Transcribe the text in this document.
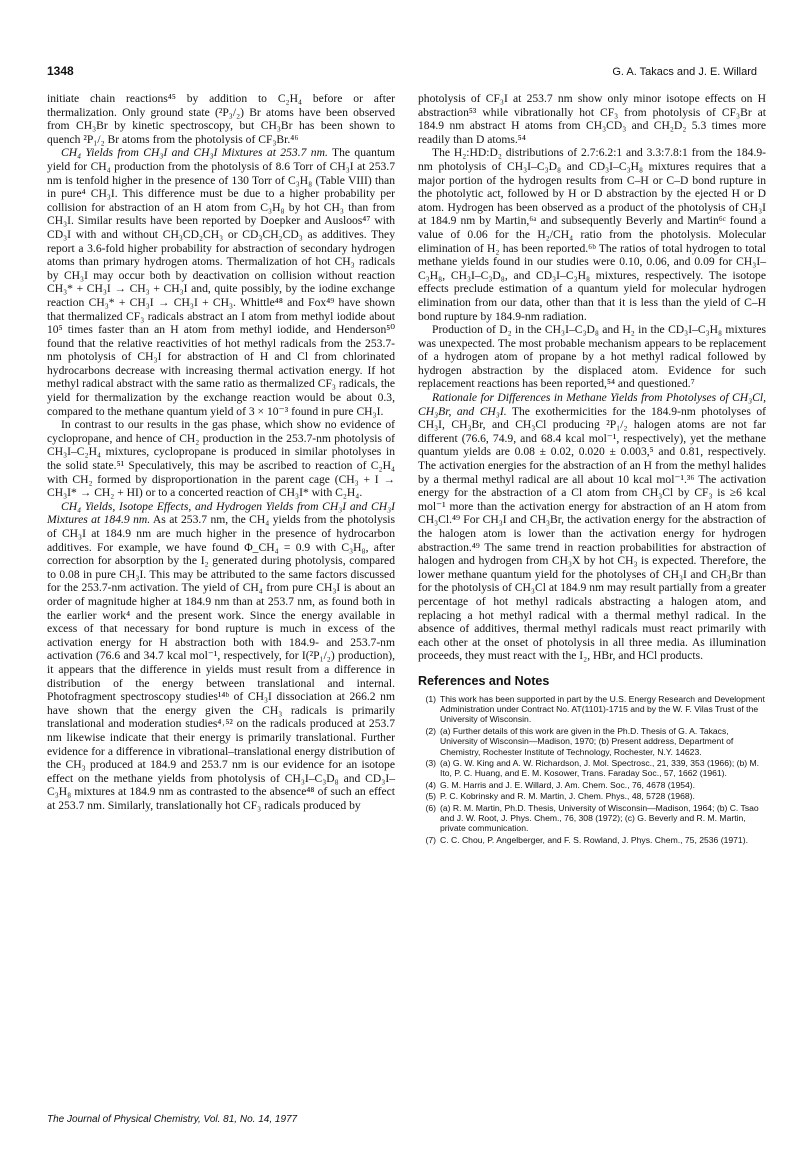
1348	G. A. Takacs and J. E. Willard

initiate chain reactions⁴⁵ by addition to C₂H₄ before or after thermalization. Only ground state (²P₃/₂) Br atoms have been observed from CH₃Br by kinetic spectroscopy, but CH₃Br has been shown to quench ²P₁/₂ Br atoms from the photolysis of CF₃Br.⁴⁶

CH₄ Yields from CH₃I and CH₃I Mixtures at 253.7 nm. The quantum yield for CH₄ production from the photolysis of 8.6 Torr of CH₃I at 253.7 nm is tenfold higher in the presence of 130 Torr of C₃H₈ (Table VIII) than in pure⁴ CH₃I. This difference must be due to a higher probability per collision for abstraction of an H atom from C₃H₈ by hot CH₃ than from CH₃I. Similar results have been reported by Doepker and Ausloos⁴⁷ with CD₃I with and without CH₃CD₂CH₃ or CD₃CH₂CD₃ as additives. They report a 3.6-fold higher probability for abstraction of secondary hydrogen atoms than primary hydrogen atoms. Thermalization of hot CH₃ radicals by CH₃I may occur both by deactivation on collision without reaction CH₃* + CH₃I → CH₃ + CH₃I and, quite possibly, by the iodine exchange reaction CH₃* + CH₃I → CH₃I + CH₃. Whittle⁴⁸ and Fox⁴⁹ have shown that thermalized CF₃ radicals abstract an I atom from methyl iodide about 10⁵ times faster than an H atom from methyl iodide, and Henderson⁵⁰ found that the relative reactivities of hot methyl radicals from the 253.7-nm photolysis of CH₃I for abstraction of H and Cl from chlorinated hydrocarbons decrease with increasing thermal activation energy. If hot methyl radical abstract with the same ratio as thermalized CF₃ radicals, the yield for thermalization by the exchange reaction would be about 0.3, compared to the methane quantum yield of 3 × 10⁻³ found in pure CH₃I.

In contrast to our results in the gas phase, which show no evidence of cyclopropane, and hence of CH₂ production in the 253.7-nm photolysis of CH₃I–C₂H₄ mixtures, cyclopropane is produced in similar photolyses in the solid state.⁵¹ Speculatively, this may be ascribed to reaction of C₂H₄ with CH₂ formed by disproportionation in the parent cage (CH₃ + I → CH₃I* → CH₂ + HI) or to a concerted reaction of CH₃I* with C₂H₄.

CH₄ Yields, Isotope Effects, and Hydrogen Yields from CH₃I and CH₃I Mixtures at 184.9 nm. As at 253.7 nm, the CH₄ yields from the photolysis of CH₃I at 184.9 nm are much higher in the presence of hydrocarbon additives. For example, we have found Φ_CH₄ = 0.9 with C₃H₈, after correction for absorption by the I₂ generated during photolysis, compared to 0.08 in pure CH₃I. This may be attributed to the same factors discussed for the 253.7-nm activation. The yield of CH₄ from pure CH₃I is about an order of magnitude higher at 184.9 nm than at 253.7 nm, as found both in the earlier work⁴ and the present work. Since the energy available in excess of that necessary for bond rupture is much in excess of the activation energy for H abstraction both with 184.9- and 253.7-nm activation (76.6 and 34.7 kcal mol⁻¹, respectively, for I(²P₁/₂) production), it appears that the difference in yields must result from a difference in distribution of the energy between translational and internal. Photofragment spectroscopy studies¹⁴ᵇ of CH₃I dissociation at 266.2 nm have shown that the energy given the CH₃ radicals is primarily translational and moderation studies⁴˒⁵² on the radicals produced at 253.7 nm likewise indicate that their energy is primarily translational. Further evidence for a difference in vibrational–translational energy distribution of the CH₃ produced at 184.9 and 253.7 nm is our evidence for an isotope effect on the methane yields from photolysis of CH₃I–C₃D₈ and CD₃I–C₃H₈ mixtures at 184.9 nm as contrasted to the absence⁴⁸ of such an effect at 253.7 nm. Similarly, translationally hot CF₃ radicals produced by

photolysis of CF₃I at 253.7 nm show only minor isotope effects on H abstraction⁵³ while vibrationally hot CF₃ from photolysis of CF₃Br at 184.9 nm abstract H atoms from CH₃CD₃ and CH₂D₂ 5.3 times more readily than D atoms.⁵⁴

The H₂:HD:D₂ distributions of 2.7:6.2:1 and 3.3:7.8:1 from the 184.9-nm photolysis of CH₃I–C₃D₈ and CD₃I–C₃H₈ mixtures requires that a major portion of the hydrogen results from C–H or C–D bond rupture in the photolytic act, followed by H or D abstraction by the ejected H or D atom. Hydrogen has been observed as a product of the photolysis of CH₃I at 184.9 nm by Martin,⁶ᵃ and subsequently Beverly and Martin⁶ᶜ found a value of 0.06 for the H₂/CH₄ ratio from the photolysis. Molecular elimination of H₂ has been reported.⁶ᵇ The ratios of total hydrogen to total methane yields found in our studies were 0.10, 0.06, and 0.09 for CH₃I–C₃H₈, CH₃I–C₃D₈, and CD₃I–C₃H₈ mixtures, respectively. The isotope effects preclude estimation of a quantum yield for molecular hydrogen elimination from our data, other than that it is less than the yield of C–H bond rupture by 184.9-nm radiation.

Production of D₂ in the CH₃I–C₃D₈ and H₂ in the CD₃I–C₃H₈ mixtures was unexpected. The most probable mechanism appears to be replacement of a hydrogen atom of propane by a hot methyl radical followed by hydrogen abstraction by the displaced atom. Evidence for such replacement reactions has been reported,⁵⁴ and questioned.⁷

Rationale for Differences in Methane Yields from Photolyses of CH₃Cl, CH₃Br, and CH₃I. The exothermicities for the 184.9-nm photolyses of CH₃I, CH₃Br, and CH₃Cl producing ²P₁/₂ halogen atoms are not far different (76.6, 74.9, and 68.4 kcal mol⁻¹, respectively), yet the methane quantum yields are 0.08 ± 0.02, 0.020 ± 0.003,⁵ and 0.81, respectively. The activation energies for the abstraction of an H from the methyl halides by a thermal methyl radical are all about 10 kcal mol⁻¹.³⁶ The activation energy for the abstraction of a Cl atom from CH₃Cl by CF₃ is ≥6 kcal mol⁻¹ more than the activation energy for abstraction of an H atom from CH₃Cl.⁴⁹ For CH₃I and CH₃Br, the activation energy for the abstraction of the halogen atom is lower than the activation energy for hydrogen abstraction.⁴⁹ The same trend in reaction probabilities for abstraction of halogen and hydrogen from CH₃X by hot CH₃ is expected. Therefore, the lower methane quantum yield for the photolyses of CH₃I and CH₃Br than for the photolysis of CH₃Cl at 184.9 nm may result partially from a greater percentage of hot methyl radicals abstracting a halogen atom, and replacing a hot methyl radical with a thermal methyl radical. In the absence of additives, thermal methyl radicals must react primarily with each other at the onset of photolysis in all three media. As illumination proceeds, they must react with the I₂, HBr, and HCl products.

References and Notes
(1) This work has been supported in part by the U.S. Energy Research and Development Administration under Contract No. AT(1101)-1715 and by the W. F. Vilas Trust of the University of Wisconsin.
(2) (a) Further details of this work are given in the Ph.D. Thesis of G. A. Takacs, University of Wisconsin—Madison, 1970; (b) Present address, Department of Chemistry, Rochester Institute of Technology, Rochester, N.Y. 14623.
(3) (a) G. W. King and A. W. Richardson, J. Mol. Spectrosc., 21, 339, 353 (1966); (b) M. Ito, P. C. Huang, and E. M. Kosower, Trans. Faraday Soc., 57, 1662 (1961).
(4) G. M. Harris and J. E. Willard, J. Am. Chem. Soc., 76, 4678 (1954).
(5) P. C. Kobrinsky and R. M. Martin, J. Chem. Phys., 48, 5728 (1968).
(6) (a) R. M. Martin, Ph.D. Thesis, University of Wisconsin—Madison, 1964; (b) C. Tsao and J. W. Root, J. Phys. Chem., 76, 308 (1972); (c) G. Beverly and R. M. Martin, private communication.
(7) C. C. Chou, P. Angelberger, and F. S. Rowland, J. Phys. Chem., 75, 2536 (1971).
The Journal of Physical Chemistry, Vol. 81, No. 14, 1977
